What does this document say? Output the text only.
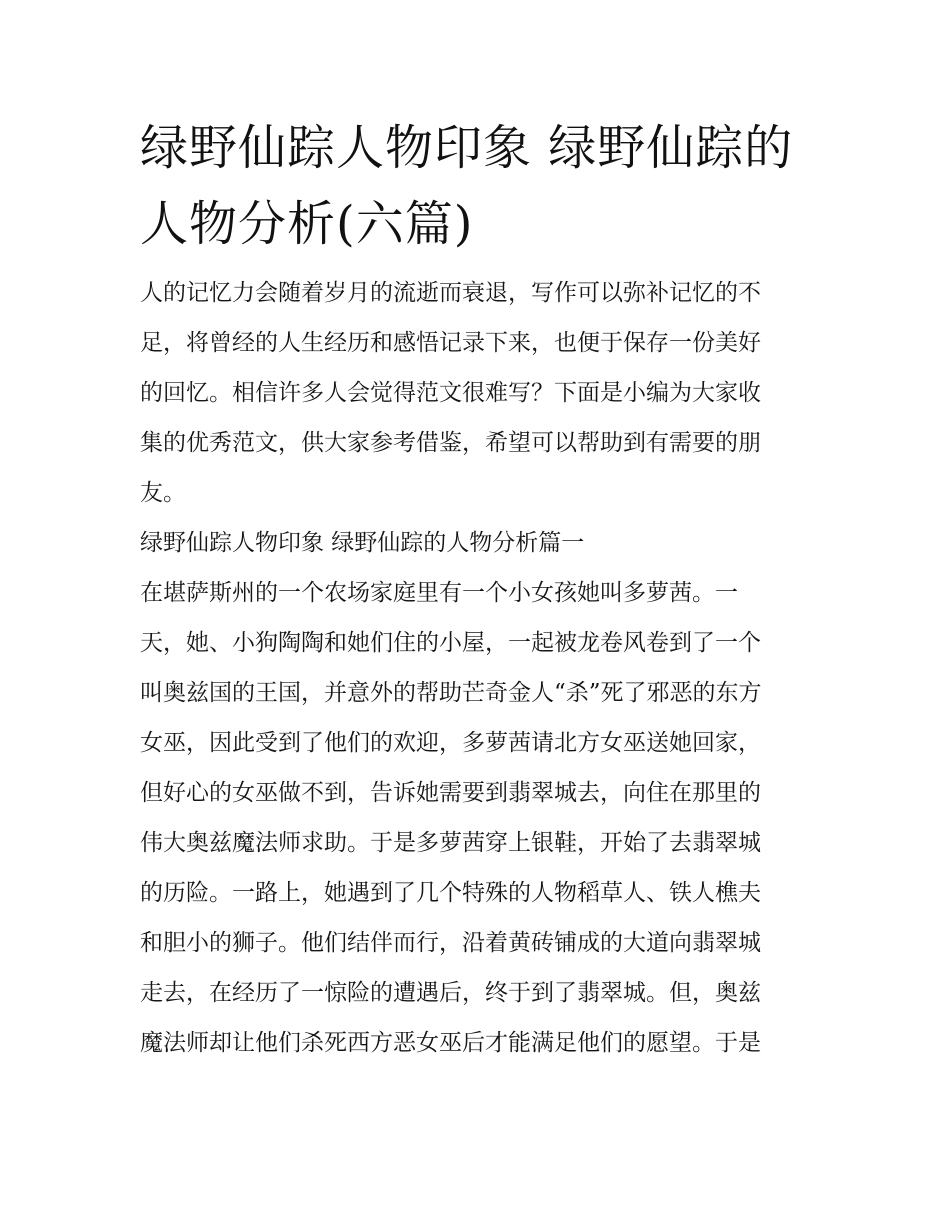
绿野仙踪人物印象 绿野仙踪的
人物分析(六篇)
人的记忆力会随着岁月的流逝而衰退，写作可以弥补记忆的不
足，将曾经的人生经历和感悟记录下来，也便于保存一份美好
的回忆。相信许多人会觉得范文很难写？下面是小编为大家收
集的优秀范文，供大家参考借鉴，希望可以帮助到有需要的朋
友。
绿野仙踪人物印象 绿野仙踪的人物分析篇一
在堪萨斯州的一个农场家庭里有一个小女孩她叫多萝茜。一
天，她、小狗陶陶和她们住的小屋，一起被龙卷风卷到了一个
叫奥兹国的王国，并意外的帮助芒奇金人“杀”死了邪恶的东方
女巫，因此受到了他们的欢迎，多萝茜请北方女巫送她回家，
但好心的女巫做不到，告诉她需要到翡翠城去，向住在那里的
伟大奥兹魔法师求助。于是多萝茜穿上银鞋，开始了去翡翠城
的历险。一路上，她遇到了几个特殊的人物稻草人、铁人樵夫
和胆小的狮子。他们结伴而行，沿着黄砖铺成的大道向翡翠城
走去，在经历了一惊险的遭遇后，终于到了翡翠城。但，奥兹
魔法师却让他们杀死西方恶女巫后才能满足他们的愿望。于是
